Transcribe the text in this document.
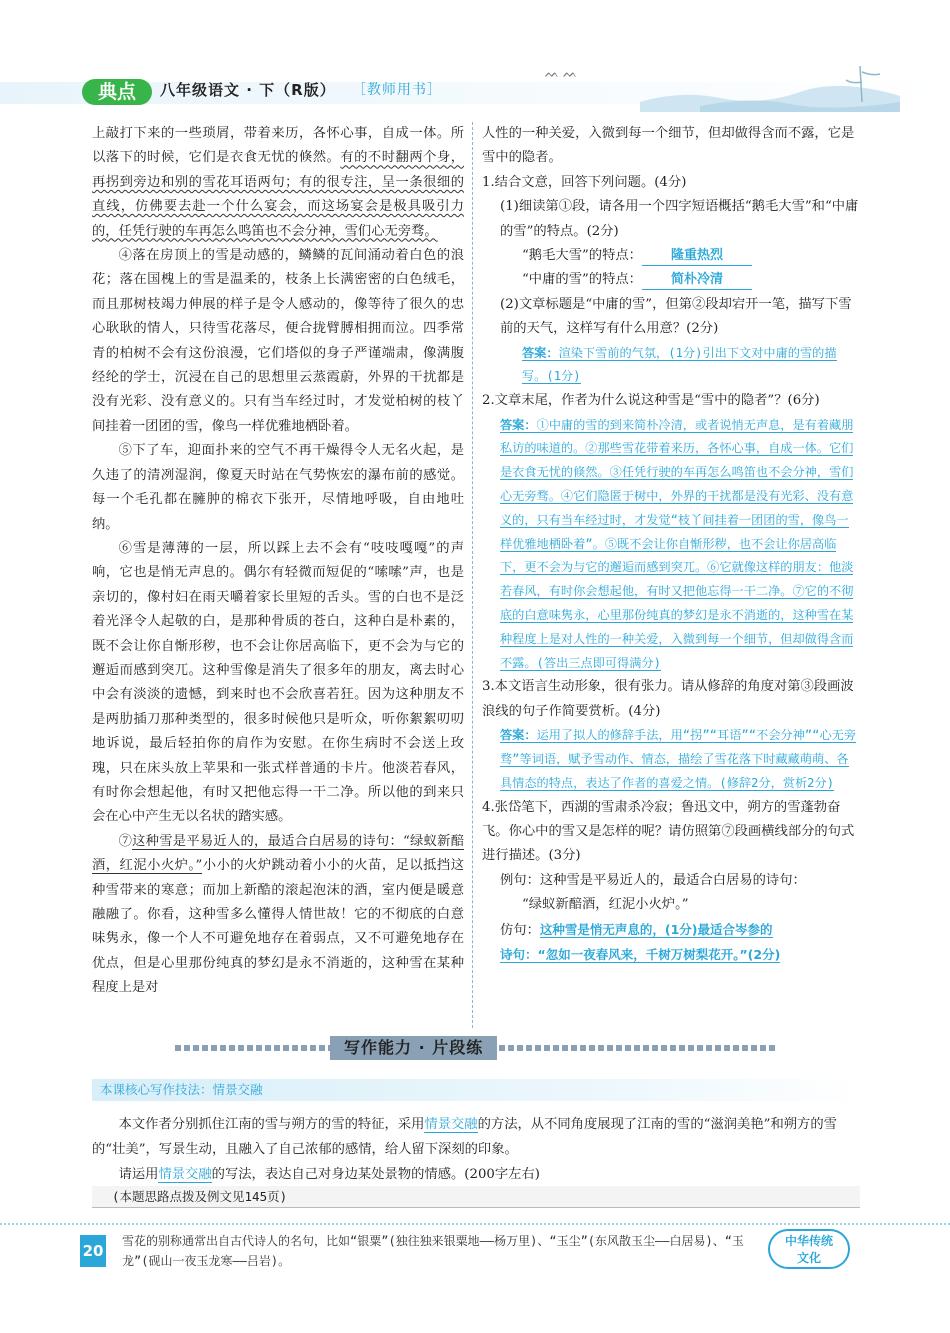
典点	八年级语文 · 下（R版） ［教师用书］
ᨓ ᨓ

上敲打下来的一些琐屑，带着来历，各怀心事，自成一体。所以落下的时候，它们是衣食无忧的倏然。有的不时翻两个身，再拐到旁边和别的雪花耳语两句；有的很专注，呈一条很细的直线，仿佛要去赴一个什么宴会，而这场宴会是极具吸引力的，任凭行驶的车再怎么鸣笛也不会分神，雪们心无旁骛。

④落在房顶上的雪是动感的，鳞鳞的瓦间涌动着白色的浪花；落在国槐上的雪是温柔的，枝条上长满密密的白色绒毛，而且那树枝竭力伸展的样子是令人感动的，像等待了很久的忠心耿耿的情人，只待雪花落尽，便合拢臂膊相拥而泣。四季常青的柏树不会有这份浪漫，它们塔似的身子严谨端肃，像满腹经纶的学士，沉浸在自己的思想里云蒸霞蔚，外界的干扰都是没有光彩、没有意义的。只有当车经过时，才发觉柏树的枝丫间挂着一团团的雪，像鸟一样优雅地栖卧着。

⑤下了车，迎面扑来的空气不再干燥得令人无名火起，是久违了的清冽湿润，像夏天时站在气势恢宏的瀑布前的感觉。每一个毛孔都在臃肿的棉衣下张开，尽情地呼吸，自由地吐纳。

⑥雪是薄薄的一层，所以踩上去不会有“吱吱嘎嘎”的声响，它也是悄无声息的。偶尔有轻微而短促的“嗦嗦”声，也是亲切的，像村妇在雨天嚼着家长里短的舌头。雪的白也不是泛着光泽令人起敬的白，是那种骨质的苍白，这种白是朴素的，既不会让你自惭形秽，也不会让你居高临下，更不会为与它的邂逅而感到突兀。这种雪像是消失了很多年的朋友，离去时心中会有淡淡的遗憾，到来时也不会欣喜若狂。因为这种朋友不是两肋插刀那种类型的，很多时候他只是听众，听你絮絮叨叨地诉说，最后轻拍你的肩作为安慰。在你生病时不会送上玫瑰，只在床头放上苹果和一张式样普通的卡片。他淡若春风，有时你会想起他，有时又把他忘得一干二净。所以他的到来只会在心中产生无以名状的踏实感。

⑦这种雪是平易近人的，最适合白居易的诗句：“绿蚁新醅酒，红泥小火炉。”小小的火炉跳动着小小的火苗，足以抵挡这种雪带来的寒意；而加上新酷的滚起泡沫的酒，室内便是暖意融融了。你看，这种雪多么懂得人情世故！它的不彻底的白意味隽永，像一个人不可避免地存在着弱点，又不可避免地存在优点，但是心里那份纯真的梦幻是永不消逝的，这种雪在某种程度上是对

人性的一种关爱，入微到每一个细节，但却做得含而不露，它是雪中的隐者。

1.结合文意，回答下列问题。(4分)

(1)细读第①段，请各用一个四字短语概括“鹅毛大雪”和“中庸的雪”的特点。(2分)

“鹅毛大雪”的特点： 隆重热烈

“中庸的雪”的特点： 简朴冷清

(2)文章标题是“中庸的雪”，但第②段却宕开一笔，描写下雪前的天气，这样写有什么用意？(2分)

答案：渲染下雪前的气氛，(1分)引出下文对中庸的雪的描写。(1分)

2.文章末尾，作者为什么说这种雪是“雪中的隐者”？(6分)

答案：①中庸的雪的到来简朴冷清，或者说悄无声息，是有着藏朋私访的味道的。②那些雪花带着来历，各怀心事，自成一体。它们是衣食无忧的倏然。③任凭行驶的车再怎么鸣笛也不会分神，雪们心无旁骛。④它们隐匿于树中，外界的干扰都是没有光彩、没有意义的，只有当车经过时，才发觉“枝丫间挂着一团团的雪，像鸟一样优雅地栖卧着”。⑤既不会让你自惭形秽，也不会让你居高临下，更不会为与它的邂逅而感到突兀。⑥它就像这样的朋友：他淡若春风，有时你会想起他，有时又把他忘得一干二净。⑦它的不彻底的白意味隽永，心里那份纯真的梦幻是永不消逝的，这种雪在某种程度上是对人性的一种关爱，入微到每一个细节，但却做得含而不露。(答出三点即可得满分)

3.本文语言生动形象，很有张力。请从修辞的角度对第③段画波浪线的句子作简要赏析。(4分)

答案：运用了拟人的修辞手法，用“拐”“耳语”“不会分神”“心无旁骛”等词语，赋予雪动作、情态，描绘了雪花落下时藏藏萌萌、各具情态的特点，表达了作者的喜爱之情。(修辞2分，赏析2分)

4.张岱笔下，西湖的雪肃杀冷寂；鲁迅文中，朔方的雪蓬勃奋飞。你心中的雪又是怎样的呢？请仿照第⑦段画横线部分的句式进行描述。(3分)

例句：这种雪是平易近人的，最适合白居易的诗句：

“绿蚁新醅酒，红泥小火炉。”

仿句：这种雪是悄无声息的，(1分)最适合岑参的

诗句：“忽如一夜春风来，千树万树梨花开。”(2分)

写作能力 · 片段练
本课核心写作技法：情景交融

本文作者分别抓住江南的雪与朔方的雪的特征，采用情景交融的方法，从不同角度展现了江南的雪的“滋润美艳”和朔方的雪的“壮美”，写景生动，且融入了自己浓郁的感情，给人留下深刻的印象。

请运用情景交融的写法，表达自己对身边某处景物的情感。(200字左右)

(本题思路点拨及例文见145页)
20
雪花的别称通常出自古代诗人的名句，比如“银粟”(独往独来银粟地——杨万里)、“玉尘”(东风散玉尘——白居易)、“玉龙”(砚山一夜玉龙寒——吕岩)。
中华传统
文化
